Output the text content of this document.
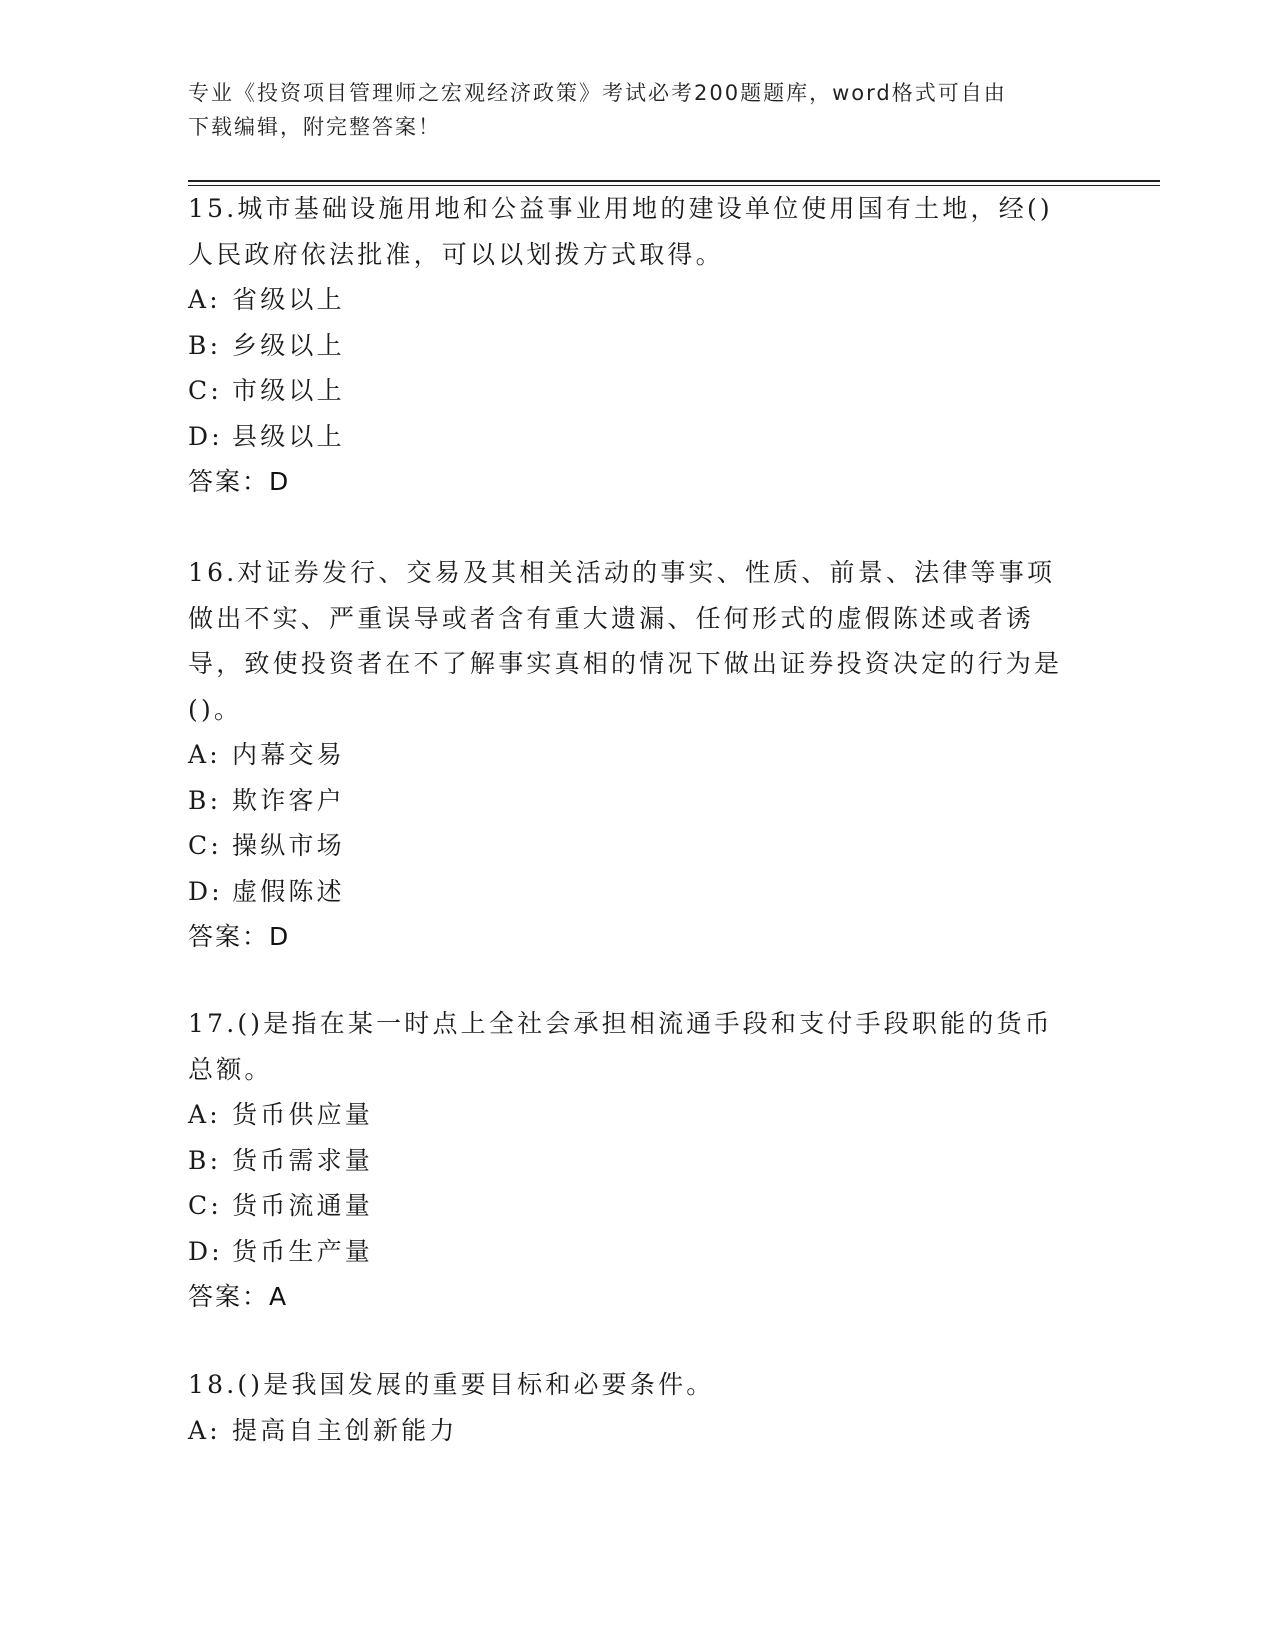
专业《投资项目管理师之宏观经济政策》考试必考200题题库，word格式可自由
下载编辑，附完整答案！
15.城市基础设施用地和公益事业用地的建设单位使用国有土地，经()人民政府依法批准，可以以划拨方式取得。
A: 省级以上
B: 乡级以上
C: 市级以上
D: 县级以上
答案：D
16.对证券发行、交易及其相关活动的事实、性质、前景、法律等事项做出不实、严重误导或者含有重大遗漏、任何形式的虚假陈述或者诱导，致使投资者在不了解事实真相的情况下做出证券投资决定的行为是()。
A: 内幕交易
B: 欺诈客户
C: 操纵市场
D: 虚假陈述
答案：D
17.()是指在某一时点上全社会承担相流通手段和支付手段职能的货币总额。
A: 货币供应量
B: 货币需求量
C: 货币流通量
D: 货币生产量
答案：A
18.()是我国发展的重要目标和必要条件。
A: 提高自主创新能力
